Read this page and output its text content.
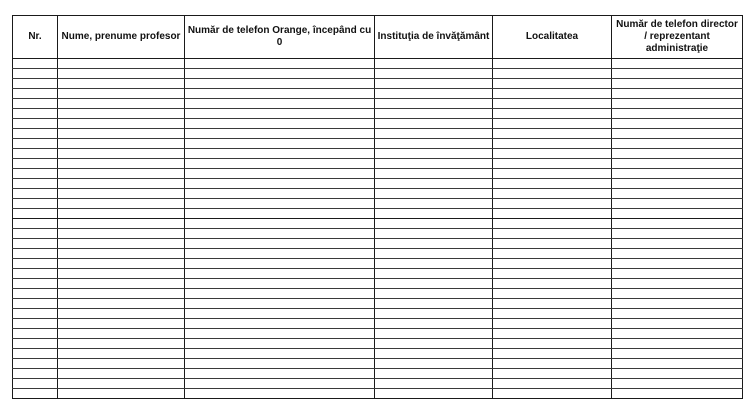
Nr.	Nume, prenume profesor	Număr de telefon Orange, începând cu 0	Instituţia de învăţământ	Localitatea	Număr de telefon director / reprezentant administraţie
